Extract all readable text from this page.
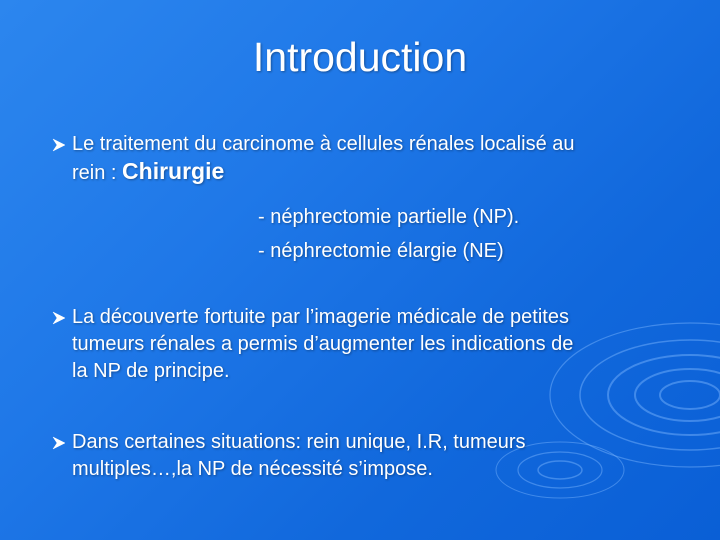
Introduction
Le traitement du carcinome à cellules rénales localisé au
rein : Chirurgie
- néphrectomie partielle (NP).
- néphrectomie élargie (NE)
La découverte fortuite par l’imagerie médicale de petites
tumeurs rénales a permis d’augmenter les indications de
la NP de principe.
Dans certaines situations: rein unique, I.R, tumeurs
multiples…,la NP de nécessité s’impose.
